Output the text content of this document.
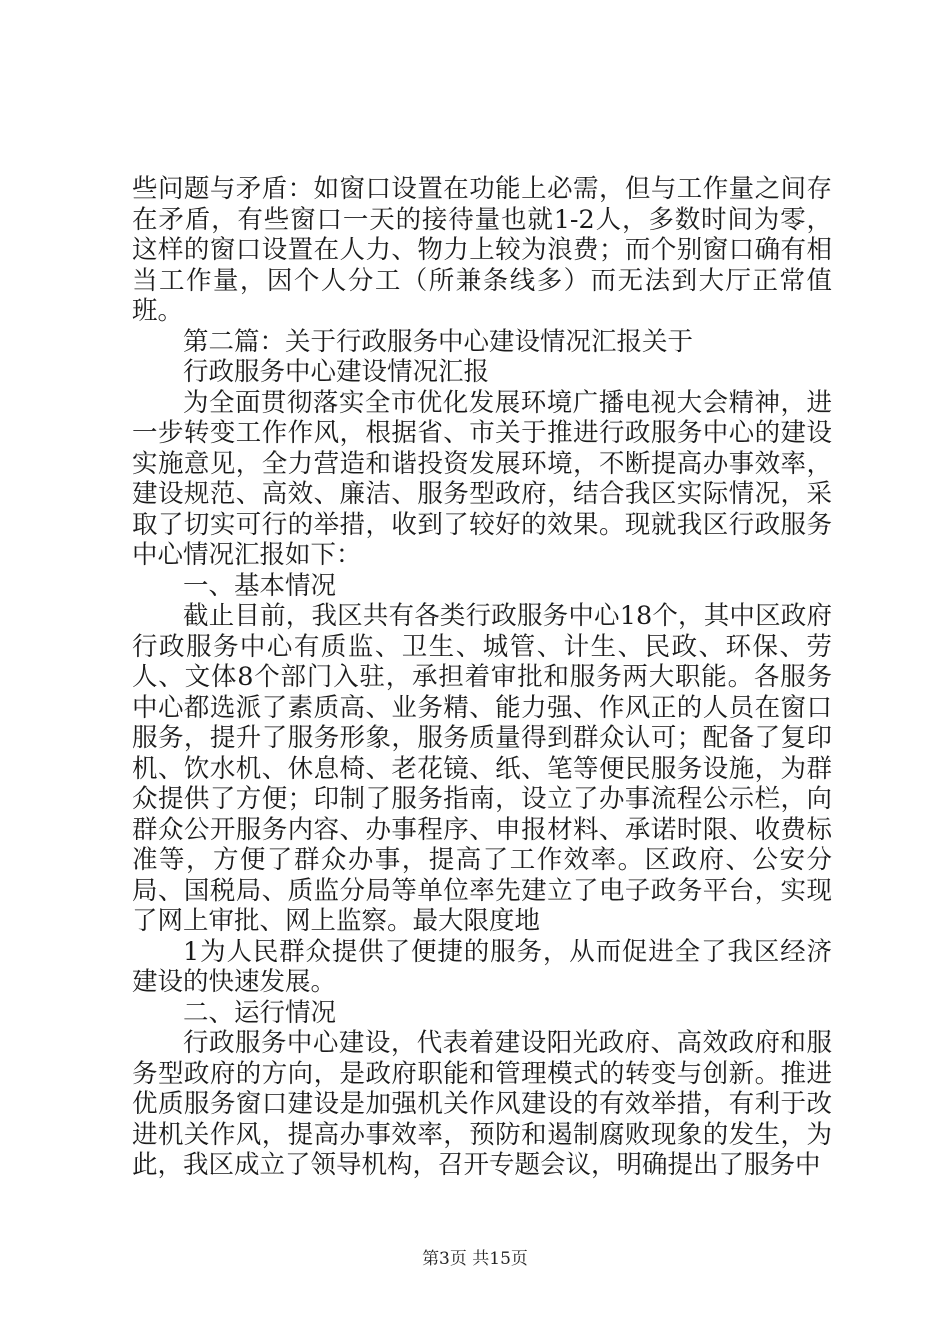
些问题与矛盾：如窗口设置在功能上必需，但与工作量之间存在矛盾，有些窗口一天的接待量也就1-2人，多数时间为零，这样的窗口设置在人力、物力上较为浪费；而个别窗口确有相当工作量，因个人分工（所兼条线多）而无法到大厅正常值班。

第二篇：关于行政服务中心建设情况汇报关于

行政服务中心建设情况汇报

为全面贯彻落实全市优化发展环境广播电视大会精神，进一步转变工作作风，根据省、市关于推进行政服务中心的建设实施意见，全力营造和谐投资发展环境，不断提高办事效率，建设规范、高效、廉洁、服务型政府，结合我区实际情况，采取了切实可行的举措，收到了较好的效果。现就我区行政服务中心情况汇报如下：

一、基本情况

截止目前，我区共有各类行政服务中心18个，其中区政府行政服务中心有质监、卫生、城管、计生、民政、环保、劳人、文体8个部门入驻，承担着审批和服务两大职能。各服务中心都选派了素质高、业务精、能力强、作风正的人员在窗口服务，提升了服务形象，服务质量得到群众认可；配备了复印机、饮水机、休息椅、老花镜、纸、笔等便民服务设施，为群众提供了方便；印制了服务指南，设立了办事流程公示栏，向群众公开服务内容、办事程序、申报材料、承诺时限、收费标准等，方便了群众办事，提高了工作效率。区政府、公安分局、国税局、质监分局等单位率先建立了电子政务平台，实现了网上审批、网上监察。最大限度地

1为人民群众提供了便捷的服务，从而促进全了我区经济建设的快速发展。

二、运行情况

行政服务中心建设，代表着建设阳光政府、高效政府和服务型政府的方向，是政府职能和管理模式的转变与创新。推进优质服务窗口建设是加强机关作风建设的有效举措，有利于改进机关作风，提高办事效率，预防和遏制腐败现象的发生，为此，我区成立了领导机构，召开专题会议，明确提出了服务中

第3页 共15页
